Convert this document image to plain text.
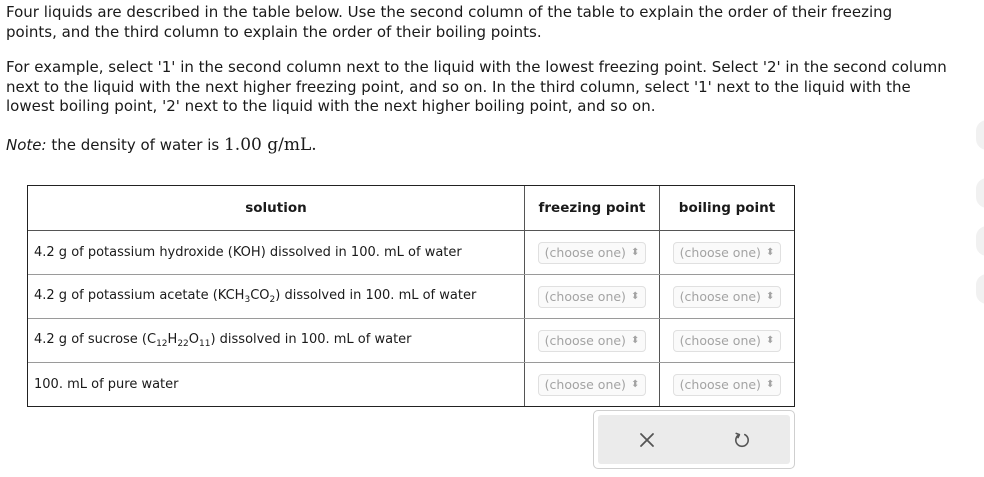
Four liquids are described in the table below. Use the second column of the table to explain the order of their freezing
points, and the third column to explain the order of their boiling points.

For example, select '1' in the second column next to the liquid with the lowest freezing point. Select '2' in the second column
next to the liquid with the next higher freezing point, and so on. In the third column, select '1' next to the liquid with the
lowest boiling point, '2' next to the liquid with the next higher boiling point, and so on.

Note: the density of water is 1.00 g/mL.

solution	freezing point	boiling point
4.2 g of potassium hydroxide (KOH) dissolved in 100. mL of water	(choose one) ⬍	(choose one) ⬍
4.2 g of potassium acetate $(KCH_3CO_2)$ dissolved in 100. mL of water	(choose one) ⬍	(choose one) ⬍
4.2 g of sucrose $(C_{12}H_{22}O_{11})$ dissolved in 100. mL of water	(choose one) ⬍	(choose one) ⬍
100. mL of pure water	(choose one) ⬍	(choose one) ⬍
